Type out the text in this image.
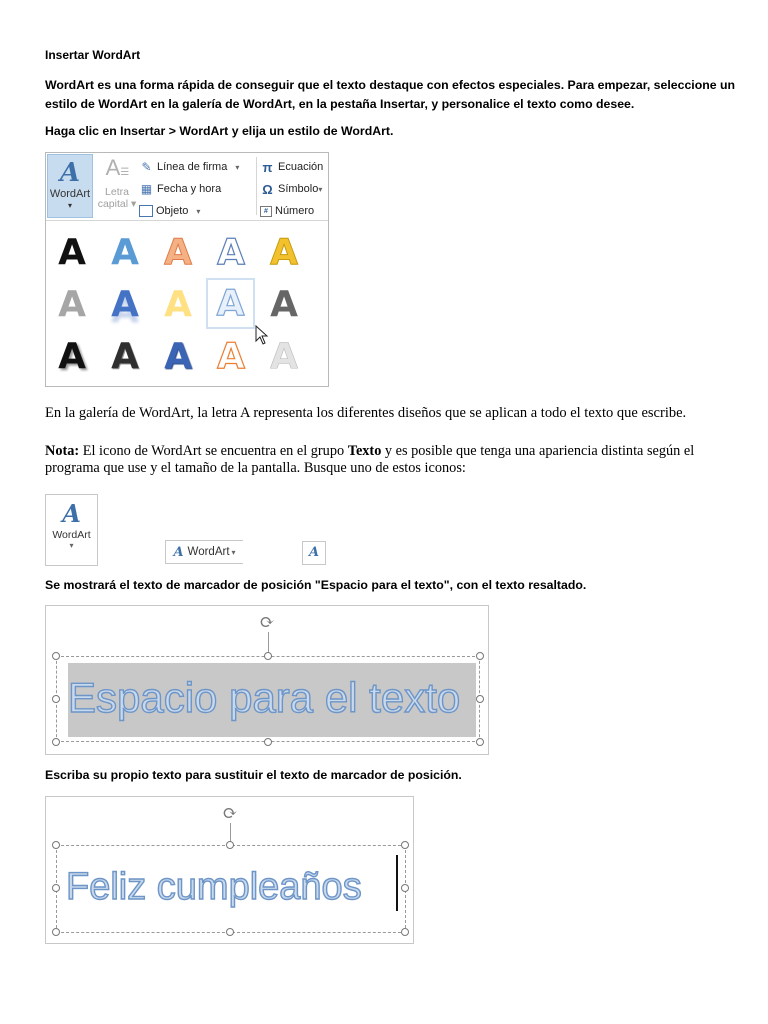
Insertar WordArt
WordArt es una forma rápida de conseguir que el texto destaque con efectos especiales. Para empezar, seleccione un estilo de WordArt en la galería de WordArt, en la pestaña Insertar, y personalice el texto como desee.
Haga clic en Insertar > WordArt y elija un estilo de WordArt.
A
WordArt
▾
A☰
Letra
capital ▾
✎ Línea de firma ▾
▦ Fecha y hora
Objeto ▾
π Ecuación
Ω Símbolo ▾
# Número
A A A A A
A A A A A
A A A A A
En la galería de WordArt, la letra A representa los diferentes diseños que se aplican a todo el texto que escribe.
Nota: El icono de WordArt se encuentra en el grupo Texto y es posible que tenga una apariencia distinta según el programa que use y el tamaño de la pantalla. Busque uno de estos iconos:
A
WordArt
▾	A WordArt ▾	A
Se mostrará el texto de marcador de posición "Espacio para el texto", con el texto resaltado.
⟳
Espacio para el texto
Escriba su propio texto para sustituir el texto de marcador de posición.
⟳
Feliz cumpleaños
